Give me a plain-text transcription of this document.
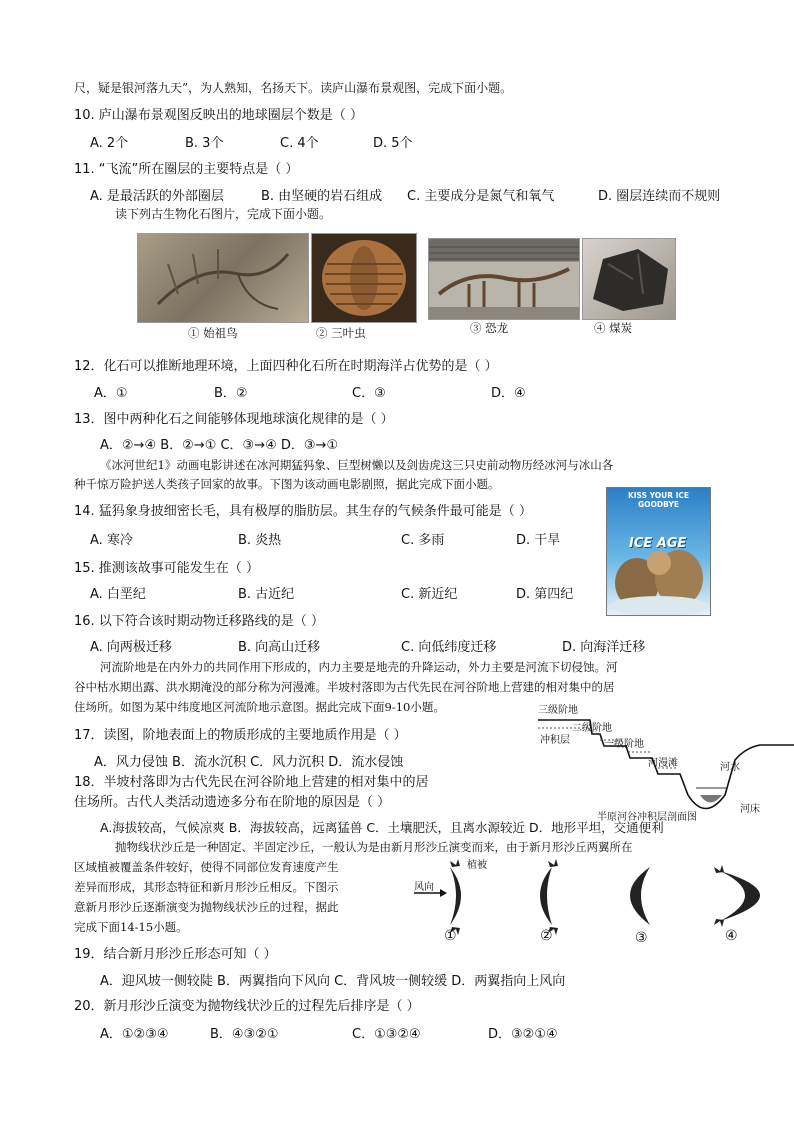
尺，疑是银河落九天”，为人熟知，名扬天下。读庐山瀑布景观图，完成下面小题。
10. 庐山瀑布景观图反映出的地球圈层个数是（ ）
A. 2个	B. 3个	C. 4个	D. 5个
11. “飞流”所在圈层的主要特点是（ ）
A. 是最活跃的外部圈层	B. 由坚硬的岩石组成 C. 主要成分是氮气和氧气	D. 圈层连续而不规则
读下列古生物化石图片，完成下面小题。
① 始祖鸟	② 三叶虫	③ 恐龙	④ 煤炭
12．化石可以推断地理环境，上面四种化石所在时期海洋占优势的是（ ）
A．①	B．②	C．③	D．④
13．图中两种化石之间能够体现地球演化规律的是（ ）
A．②→④ B．②→① C．③→④ D．③→①
《冰河世纪1》动画电影讲述在冰河期猛犸象、巨型树懒以及剑齿虎这三只史前动物历经冰河与冰山各
种千惊万险护送人类孩子回家的故事。下图为该动画电影剧照，据此完成下面小题。
KISS YOUR ICE
GOODBYE
ICE AGE
14. 猛犸象身披细密长毛，具有极厚的脂肪层。其生存的气候条件最可能是（ ）
A. 寒冷	B. 炎热	C. 多雨	D. 干旱
15. 推测该故事可能发生在（ ）
A. 白垩纪	B. 古近纪	C. 新近纪	D. 第四纪
16. 以下符合该时期动物迁移路线的是（ ）
A. 向两极迁移	B. 向高山迁移	C. 向低纬度迁移	D. 向海洋迁移
河流阶地是在内外力的共同作用下形成的，内力主要是地壳的升降运动，外力主要是河流下切侵蚀。河
谷中枯水期出露、洪水期淹没的部分称为河漫滩。半坡村落即为古代先民在河谷阶地上营建的相对集中的居
住场所。如图为某中纬度地区河流阶地示意图。据此完成下面9-10小题。	三级阶地
冲积层
二级阶地
一级阶地
河漫滩	河水
河床
半原河谷冲积层剖面图
17．读图，阶地表面上的物质形成的主要地质作用是（ ）
A．风力侵蚀 B．流水沉积 C．风力沉积 D．流水侵蚀
18．半坡村落即为古代先民在河谷阶地上营建的相对集中的居
住场所。古代人类活动遗迹多分布在阶地的原因是（ ）
A.海拔较高，气候凉爽 B．海拔较高，远离猛兽 C．土壤肥沃，且离水源较近 D．地形平坦，交通便利
抛物线状沙丘是一种固定、半固定沙丘，一般认为是由新月形沙丘演变而来，由于新月形沙丘两翼所在
区域植被覆盖条件较好，使得不同部位发育速度产生
差异而形成，其形态特征和新月形沙丘相反。下图示
意新月形沙丘逐渐演变为抛物线状沙丘的过程，据此
完成下面14-15小题。
植被
风向
①	②	③	④
19．结合新月形沙丘形态可知（ ）
A．迎风坡一侧较陡 B．两翼指向下风向 C．背风坡一侧较缓 D．两翼指向上风向
20．新月形沙丘演变为抛物线状沙丘的过程先后排序是（ ）
A．①②③④	B．④③②①	C．①③②④	D．③②①④
